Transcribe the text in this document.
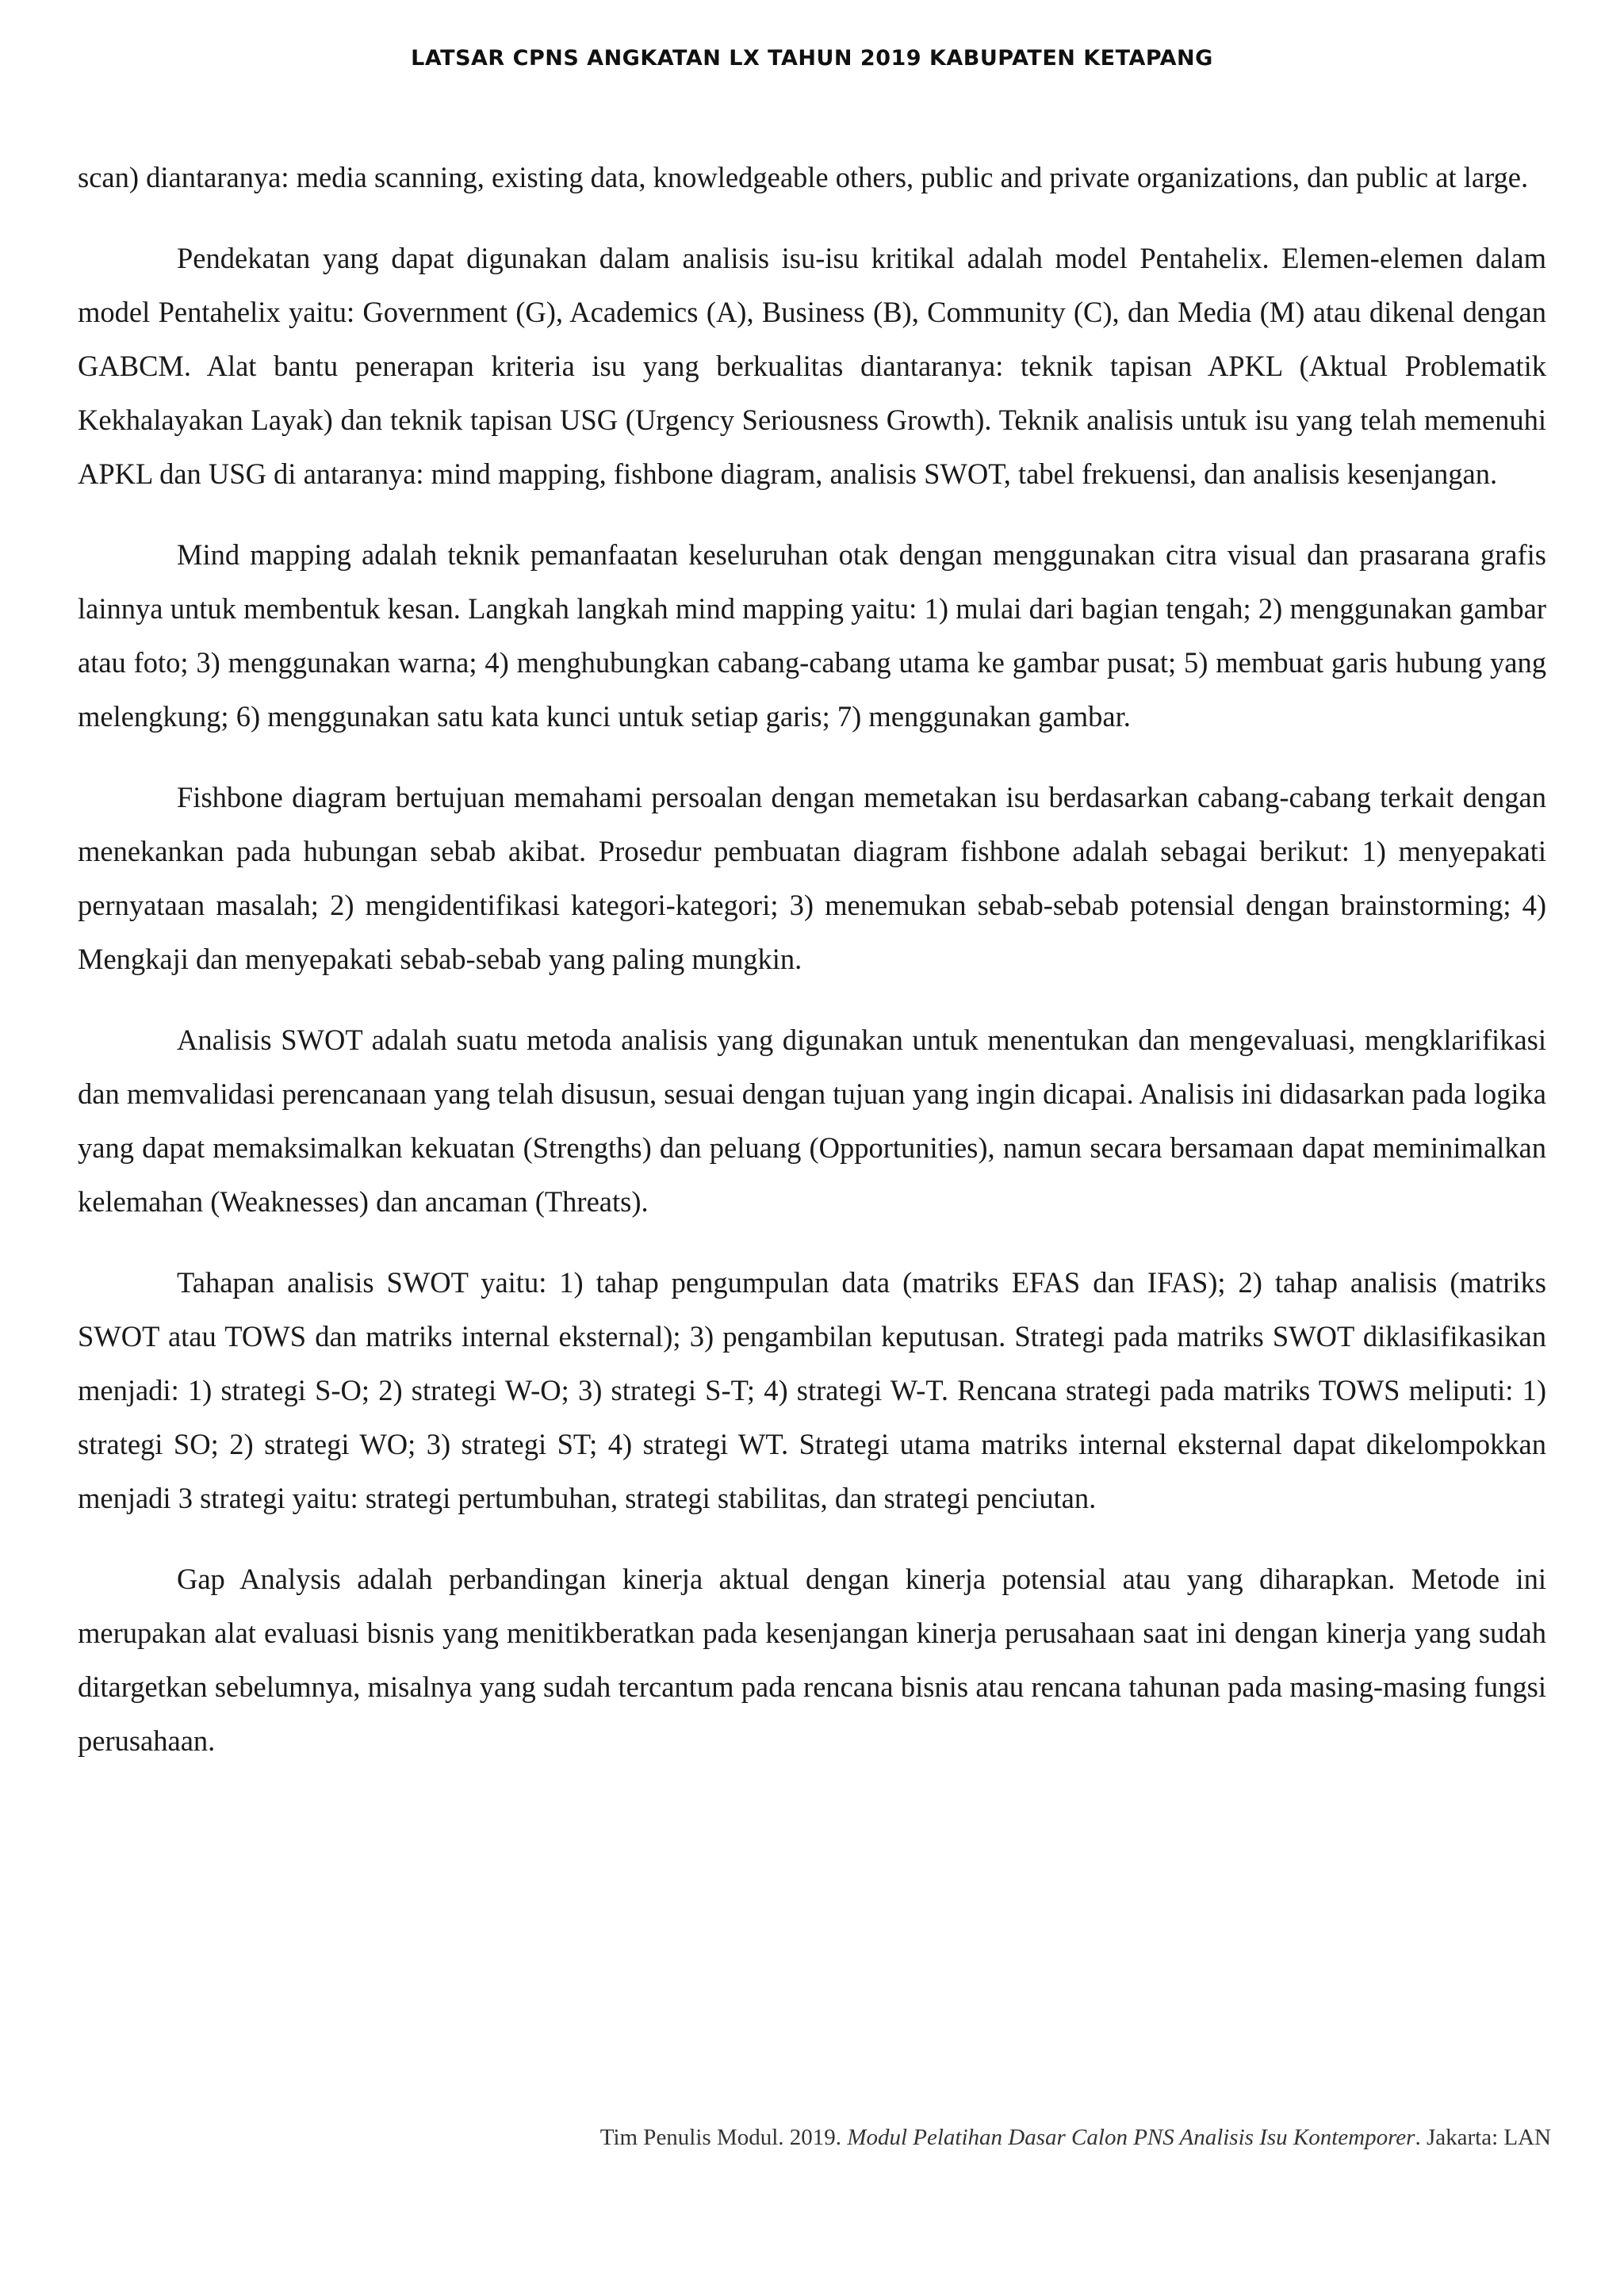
LATSAR CPNS ANGKATAN LX TAHUN 2019 KABUPATEN KETAPANG

scan) diantaranya: media scanning, existing data, knowledgeable others, public and private organizations, dan public at large.

Pendekatan yang dapat digunakan dalam analisis isu-isu kritikal adalah model Pentahelix. Elemen-elemen dalam model Pentahelix yaitu: Government (G), Academics (A), Business (B), Community (C), dan Media (M) atau dikenal dengan GABCM. Alat bantu penerapan kriteria isu yang berkualitas diantaranya: teknik tapisan APKL (Aktual Problematik Kekhalayakan Layak) dan teknik tapisan USG (Urgency Seriousness Growth). Teknik analisis untuk isu yang telah memenuhi APKL dan USG di antaranya: mind mapping, fishbone diagram, analisis SWOT, tabel frekuensi, dan analisis kesenjangan.

Mind mapping adalah teknik pemanfaatan keseluruhan otak dengan menggunakan citra visual dan prasarana grafis lainnya untuk membentuk kesan. Langkah langkah mind mapping yaitu: 1) mulai dari bagian tengah; 2) menggunakan gambar atau foto; 3) menggunakan warna; 4) menghubungkan cabang-cabang utama ke gambar pusat; 5) membuat garis hubung yang melengkung; 6) menggunakan satu kata kunci untuk setiap garis; 7) menggunakan gambar.

Fishbone diagram bertujuan memahami persoalan dengan memetakan isu berdasarkan cabang-cabang terkait dengan menekankan pada hubungan sebab akibat. Prosedur pembuatan diagram fishbone adalah sebagai berikut: 1) menyepakati pernyataan masalah; 2) mengidentifikasi kategori-kategori; 3) menemukan sebab-sebab potensial dengan brainstorming; 4) Mengkaji dan menyepakati sebab-sebab yang paling mungkin.

Analisis SWOT adalah suatu metoda analisis yang digunakan untuk menentukan dan mengevaluasi, mengklarifikasi dan memvalidasi perencanaan yang telah disusun, sesuai dengan tujuan yang ingin dicapai. Analisis ini didasarkan pada logika yang dapat memaksimalkan kekuatan (Strengths) dan peluang (Opportunities), namun secara bersamaan dapat meminimalkan kelemahan (Weaknesses) dan ancaman (Threats).

Tahapan analisis SWOT yaitu: 1) tahap pengumpulan data (matriks EFAS dan IFAS); 2) tahap analisis (matriks SWOT atau TOWS dan matriks internal eksternal); 3) pengambilan keputusan. Strategi pada matriks SWOT diklasifikasikan menjadi: 1) strategi S-O; 2) strategi W-O; 3) strategi S-T; 4) strategi W-T. Rencana strategi pada matriks TOWS meliputi: 1) strategi SO; 2) strategi WO; 3) strategi ST; 4) strategi WT. Strategi utama matriks internal eksternal dapat dikelompokkan menjadi 3 strategi yaitu: strategi pertumbuhan, strategi stabilitas, dan strategi penciutan.

Gap Analysis adalah perbandingan kinerja aktual dengan kinerja potensial atau yang diharapkan. Metode ini merupakan alat evaluasi bisnis yang menitikberatkan pada kesenjangan kinerja perusahaan saat ini dengan kinerja yang sudah ditargetkan sebelumnya, misalnya yang sudah tercantum pada rencana bisnis atau rencana tahunan pada masing-masing fungsi perusahaan.

Tim Penulis Modul. 2019. Modul Pelatihan Dasar Calon PNS Analisis Isu Kontemporer. Jakarta: LAN
